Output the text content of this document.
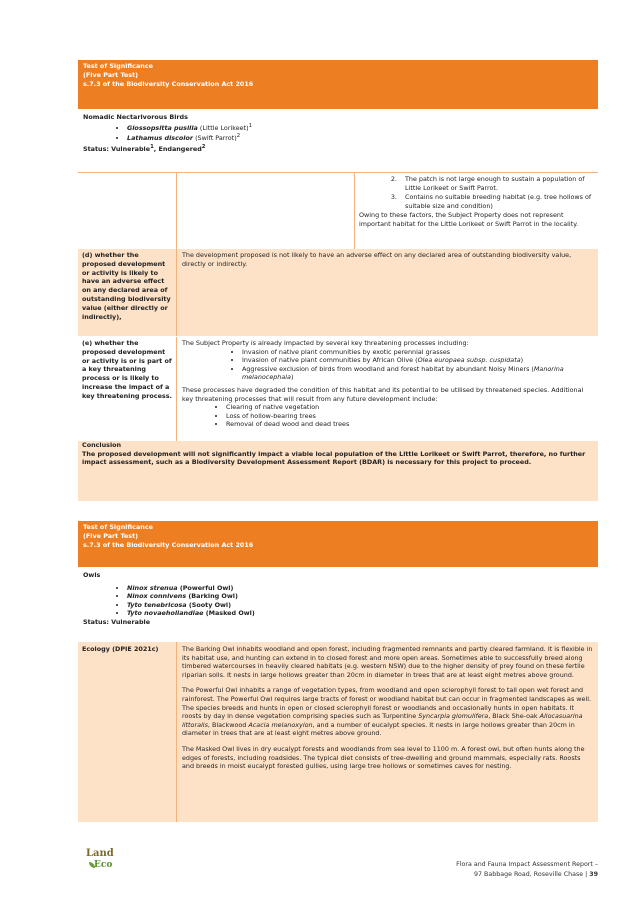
Test of Significance
(Five Part Test)
s.7.3 of the Biodiversity Conservation Act 2016
Nomadic Nectarivorous Birds
• Glossopsitta pusilla (Little Lorikeet)$^1$
• Lathamus discolor (Swift Parrot)$^2$
Status: Vulnerable$^1$, Endangered$^2$
2. The patch is not large enough to sustain a population of Little Lorikeet or Swift Parrot.
3. Contains no suitable breeding habitat (e.g. tree hollows of suitable size and condition)
Owing to these factors, the Subject Property does not represent important habitat for the Little Lorikeet or Swift Parrot in the locality.
(d) whether the proposed development or activity is likely to have an adverse effect on any declared area of outstanding biodiversity value (either directly or indirectly),
The development proposed is not likely to have an adverse effect on any declared area of outstanding biodiversity value, directly or indirectly.
(e) whether the proposed development or activity is or is part of a key threatening process or is likely to increase the impact of a key threatening process.
The Subject Property is already impacted by several key threatening processes including:
• Invasion of native plant communities by exotic perennial grasses
• Invasion of native plant communities by African Olive (Olea europaea subsp. cuspidata)
• Aggressive exclusion of birds from woodland and forest habitat by abundant Noisy Miners (Manorina melanocephala)
These processes have degraded the condition of this habitat and its potential to be utilised by threatened species. Additional key threatening processes that will result from any future development include:
• Clearing of native vegetation
• Loss of hollow-bearing trees
• Removal of dead wood and dead trees
Conclusion
The proposed development will not significantly impact a viable local population of the Little Lorikeet or Swift Parrot, therefore, no further impact assessment, such as a Biodiversity Development Assessment Report (BDAR) is necessary for this project to proceed.
Test of Significance
(Five Part Test)
s.7.3 of the Biodiversity Conservation Act 2016
Owls
• Ninox strenua (Powerful Owl)
• Ninox connivens (Barking Owl)
• Tyto tenebricosa (Sooty Owl)
• Tyto novaehollandiae (Masked Owl)
Status: Vulnerable
Ecology (DPIE 2021c)	The Barking Owl inhabits woodland and open forest, including fragmented remnants and partly cleared farmland. It is flexible in its habitat use, and hunting can extend in to closed forest and more open areas. Sometimes able to successfully breed along timbered watercourses in heavily cleared habitats (e.g. western NSW) due to the higher density of prey found on these fertile riparian soils. It nests in large hollows greater than 20cm in diameter in trees that are at least eight metres above ground.
The Powerful Owl inhabits a range of vegetation types, from woodland and open sclerophyll forest to tall open wet forest and rainforest. The Powerful Owl requires large tracts of forest or woodland habitat but can occur in fragmented landscapes as well. The species breeds and hunts in open or closed sclerophyll forest or woodlands and occasionally hunts in open habitats. It roosts by day in dense vegetation comprising species such as Turpentine Syncarpia glomulifera, Black She-oak Allocasuarina littoralis, Blackwood Acacia melanoxylon, and a number of eucalypt species. It nests in large hollows greater than 20cm in diameter in trees that are at least eight metres above ground.
The Masked Owl lives in dry eucalypt forests and woodlands from sea level to 1100 m. A forest owl, but often hunts along the edges of forests, including roadsides. The typical diet consists of tree-dwelling and ground mammals, especially rats. Roosts and breeds in moist eucalypt forested gullies, using large tree hollows or sometimes caves for nesting.
Land
Eco	Flora and Fauna Impact Assessment Report –
97 Babbage Road, Roseville Chase | 39
